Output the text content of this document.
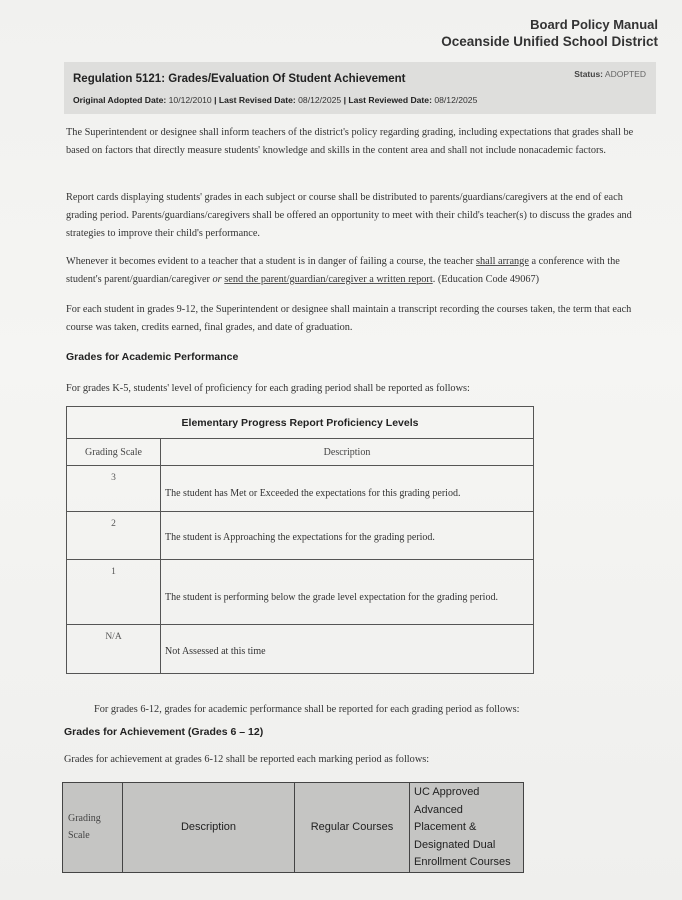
Board Policy Manual
Oceanside Unified School District
Regulation 5121: Grades/Evaluation Of Student Achievement	Status: ADOPTED
Original Adopted Date: 10/12/2010 | Last Revised Date: 08/12/2025 | Last Reviewed Date: 08/12/2025

The Superintendent or designee shall inform teachers of the district's policy regarding grading, including expectations that grades shall be based on factors that directly measure students' knowledge and skills in the content area and shall not include nonacademic factors.

Report cards displaying students' grades in each subject or course shall be distributed to parents/guardians/caregivers at the end of each grading period. Parents/guardians/caregivers shall be offered an opportunity to meet with their child's teacher(s) to discuss the grades and strategies to improve their child's performance.

Whenever it becomes evident to a teacher that a student is in danger of failing a course, the teacher shall arrange a conference with the student's parent/guardian/caregiver or send the parent/guardian/caregiver a written report. (Education Code 49067)

For each student in grades 9-12, the Superintendent or designee shall maintain a transcript recording the courses taken, the term that each course was taken, credits earned, final grades, and date of graduation.

Grades for Academic Performance

For grades K-5, students' level of proficiency for each grading period shall be reported as follows:

Elementary Progress Report Proficiency Levels	
Grading Scale	Description
3	The student has Met or Exceeded the expectations for this grading period.
2	The student is Approaching the expectations for the grading period.
1	The student is performing below the grade level expectation for the grading period.
N/A	Not Assessed at this time

For grades 6-12, grades for academic performance shall be reported for each grading period as follows:

Grades for Achievement (Grades 6 – 12)

Grades for achievement at grades 6-12 shall be reported each marking period as follows:

Grading Scale	Description	Regular Courses	UC Approved Advanced Placement & Designated Dual Enrollment Courses
